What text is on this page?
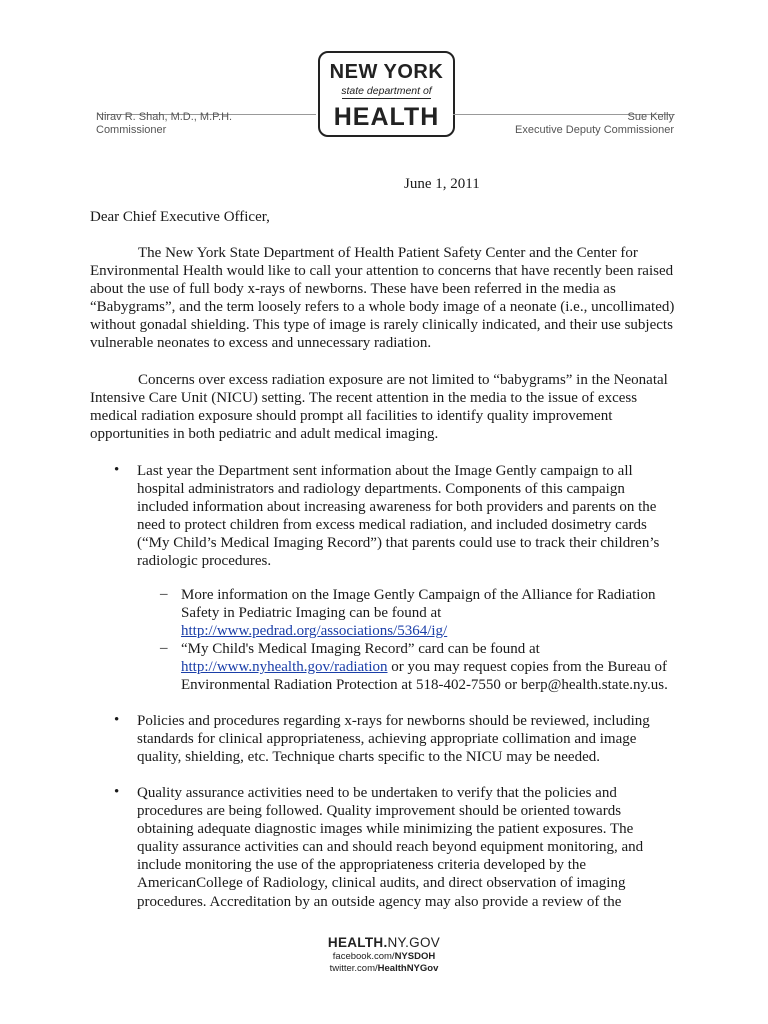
NEW YORK
state department of
HEALTH
Nirav R. Shah, M.D., M.P.H.
Commissioner
Sue Kelly
Executive Deputy Commissioner
June 1, 2011
Dear Chief Executive Officer,
The New York State Department of Health Patient Safety Center and the Center for Environmental Health would like to call your attention to concerns that have recently been raised about the use of full body x-rays of newborns. These have been referred in the media as “Babygrams”, and the term loosely refers to a whole body image of a neonate (i.e., uncollimated) without gonadal shielding. This type of image is rarely clinically indicated, and their use subjects vulnerable neonates to excess and unnecessary radiation.
Concerns over excess radiation exposure are not limited to “babygrams” in the Neonatal Intensive Care Unit (NICU) setting. The recent attention in the media to the issue of excess medical radiation exposure should prompt all facilities to identify quality improvement opportunities in both pediatric and adult medical imaging.
• Last year the Department sent information about the Image Gently campaign to all hospital administrators and radiology departments. Components of this campaign included information about increasing awareness for both providers and parents on the need to protect children from excess medical radiation, and included dosimetry cards (“My Child’s Medical Imaging Record”) that parents could use to track their children’s radiologic procedures.
– More information on the Image Gently Campaign of the Alliance for Radiation Safety in Pediatric Imaging can be found at
http://www.pedrad.org/associations/5364/ig/
– “My Child's Medical Imaging Record” card can be found at
http://www.nyhealth.gov/radiation or you may request copies from the Bureau of Environmental Radiation Protection at 518-402-7550 or berp@health.state.ny.us.
• Policies and procedures regarding x-rays for newborns should be reviewed, including standards for clinical appropriateness, achieving appropriate collimation and image quality, shielding, etc. Technique charts specific to the NICU may be needed.
• Quality assurance activities need to be undertaken to verify that the policies and procedures are being followed. Quality improvement should be oriented towards obtaining adequate diagnostic images while minimizing the patient exposures. The quality assurance activities can and should reach beyond equipment monitoring, and include monitoring the use of the appropriateness criteria developed by the AmericanCollege of Radiology, clinical audits, and direct observation of imaging procedures. Accreditation by an outside agency may also provide a review of the
HEALTH.NY.GOV
facebook.com/NYSDOH
twitter.com/HealthNYGov
